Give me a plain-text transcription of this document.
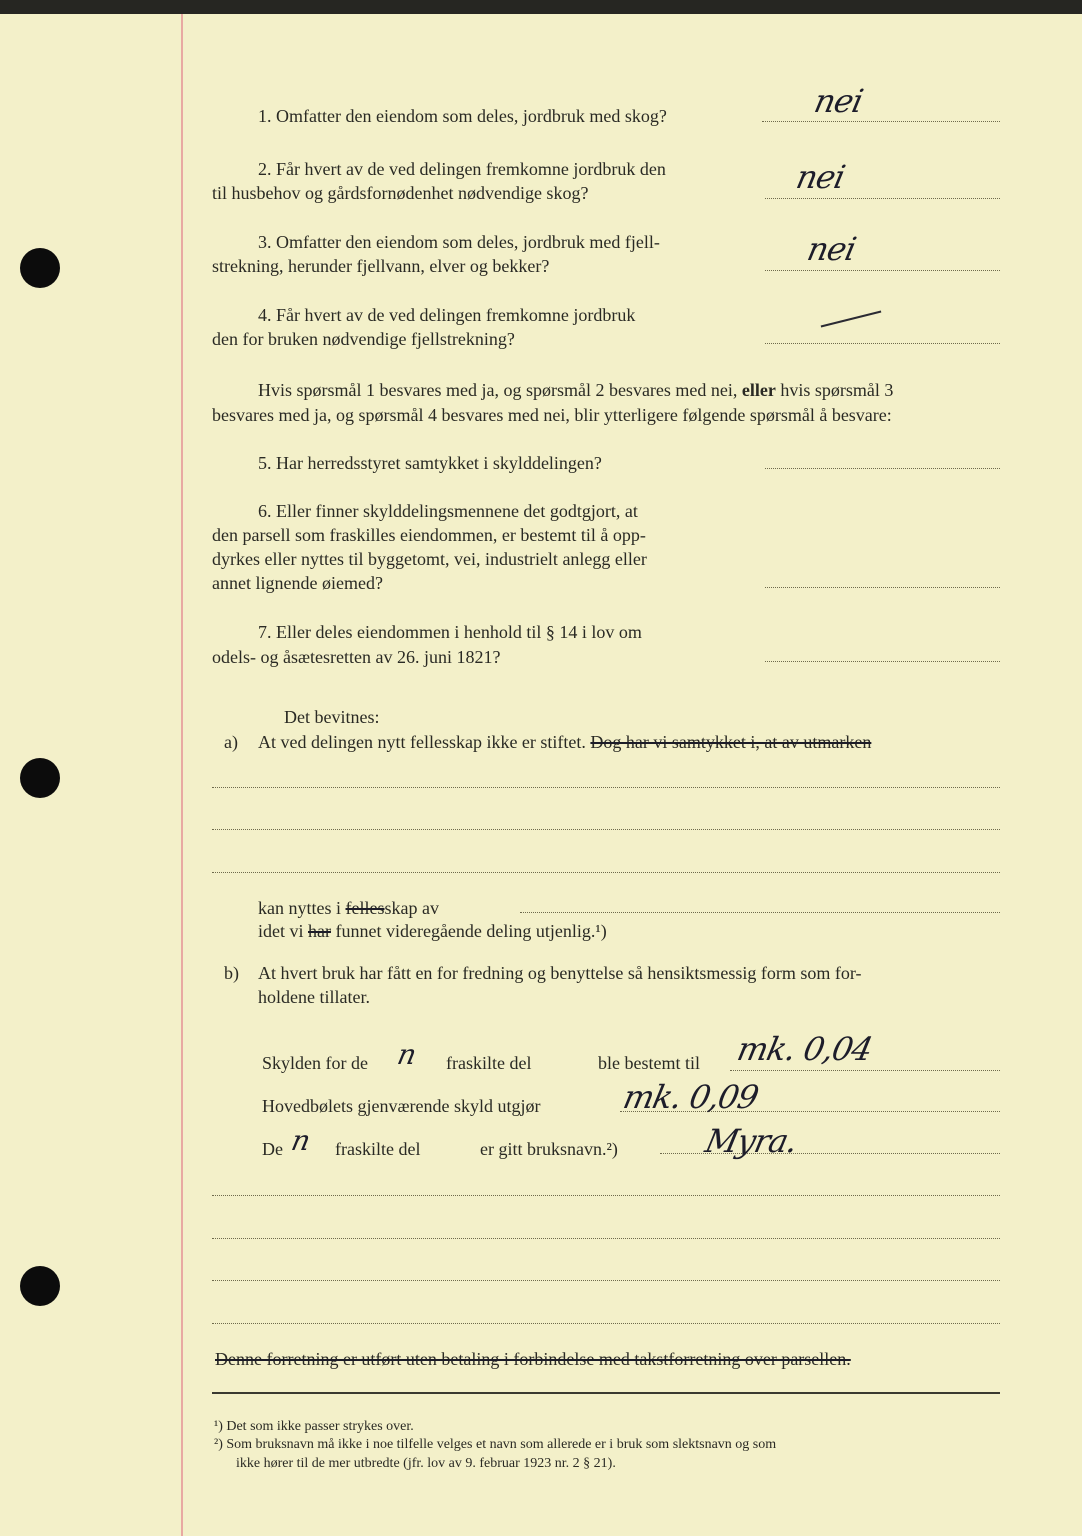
1. Omfatter den eiendom som deles, jordbruk med skog?	nei
2. Får hvert av de ved delingen fremkomne jordbruk den
til husbehov og gårdsfornødenhet nødvendige skog?	nei
3. Omfatter den eiendom som deles, jordbruk med fjell-
strekning, herunder fjellvann, elver og bekker?	nei
4. Får hvert av de ved delingen fremkomne jordbruk
den for bruken nødvendige fjellstrekning?
Hvis spørsmål 1 besvares med ja, og spørsmål 2 besvares med nei, eller hvis spørsmål 3
besvares med ja, og spørsmål 4 besvares med nei, blir ytterligere følgende spørsmål å besvare:
5. Har herredsstyret samtykket i skylddelingen?
6. Eller finner skylddelingsmennene det godtgjort, at
den parsell som fraskilles eiendommen, er bestemt til å opp-
dyrkes eller nyttes til byggetomt, vei, industrielt anlegg eller
annet lignende øiemed?
7. Eller deles eiendommen i henhold til § 14 i lov om
odels- og åsætesretten av 26. juni 1821?
Det bevitnes:
a) At ved delingen nytt fellesskap ikke er stiftet. Dog har vi samtykket i, at av utmarken
kan nyttes i fellesskap av
idet vi har funnet videregående deling utjenlig.¹)
b) At hvert bruk har fått en for fredning og benyttelse så hensiktsmessig form som for-
holdene tillater.
Skylden for de n fraskilte del	ble bestemt til mk. 0,04
Hovedbølets gjenværende skyld utgjør mk. 0,09
De n fraskilte del	er gitt bruksnavn.²)	Myra.
Denne forretning er utført uten betaling i forbindelse med takstforretning over parsellen.
¹) Det som ikke passer strykes over.
²) Som bruksnavn må ikke i noe tilfelle velges et navn som allerede er i bruk som slektsnavn og som
ikke hører til de mer utbredte (jfr. lov av 9. februar 1923 nr. 2 § 21).
